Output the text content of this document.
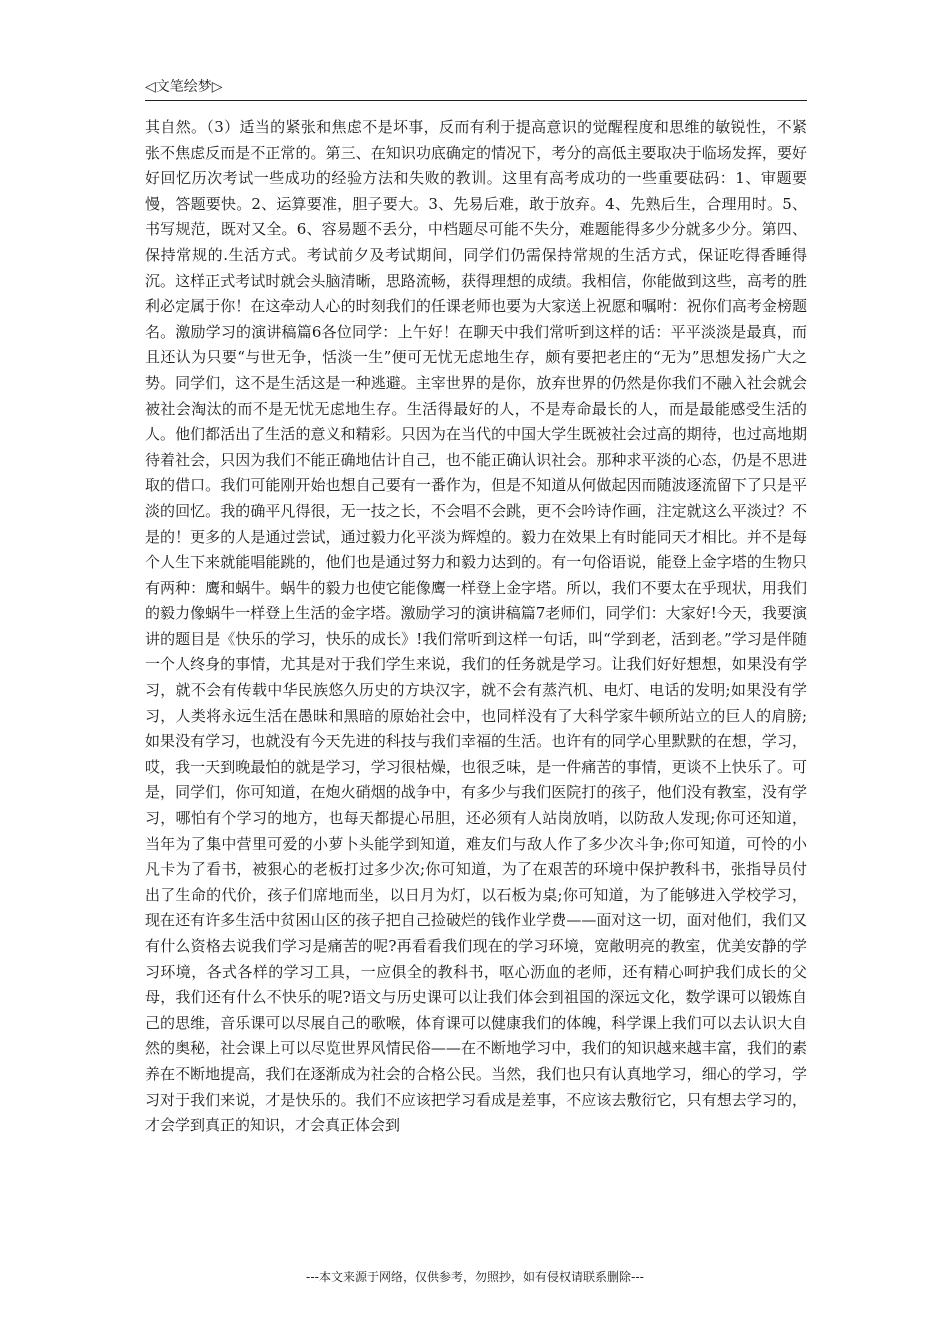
◁文笔绘梦▷

其自然。（3）适当的紧张和焦虑不是坏事，反而有利于提高意识的觉醒程度和思维的敏锐性，不紧张不焦虑反而是不正常的。第三、在知识功底确定的情况下，考分的高低主要取决于临场发挥，要好好回忆历次考试一些成功的经验方法和失败的教训。这里有高考成功的一些重要砝码：1、审题要慢，答题要快。2、运算要准，胆子要大。3、先易后难，敢于放弃。4、先熟后生，合理用时。5、书写规范，既对又全。6、容易题不丢分，中档题尽可能不失分，难题能得多少分就多少分。第四、保持常规的.生活方式。考试前夕及考试期间，同学们仍需保持常规的生活方式，保证吃得香睡得沉。这样正式考试时就会头脑清晰，思路流畅，获得理想的成绩。我相信，你能做到这些，高考的胜利必定属于你！在这牵动人心的时刻我们的任课老师也要为大家送上祝愿和嘱咐：祝你们高考金榜题名。激励学习的演讲稿篇6各位同学：上午好！在聊天中我们常听到这样的话：平平淡淡是最真，而且还认为只要“与世无争，恬淡一生”便可无忧无虑地生存，颇有要把老庄的“无为”思想发扬广大之势。同学们，这不是生活这是一种逃避。主宰世界的是你，放弃世界的仍然是你我们不融入社会就会被社会淘汰的而不是无忧无虑地生存。生活得最好的人，不是寿命最长的人，而是最能感受生活的人。他们都活出了生活的意义和精彩。只因为在当代的中国大学生既被社会过高的期待，也过高地期待着社会，只因为我们不能正确地估计自己，也不能正确认识社会。那种求平淡的心态，仍是不思进取的借口。我们可能刚开始也想自己要有一番作为，但是不知道从何做起因而随波逐流留下了只是平淡的回忆。我的确平凡得很，无一技之长，不会唱不会跳，更不会吟诗作画，注定就这么平淡过？不是的！更多的人是通过尝试，通过毅力化平淡为辉煌的。毅力在效果上有时能同天才相比。并不是每个人生下来就能唱能跳的，他们也是通过努力和毅力达到的。有一句俗语说，能登上金字塔的生物只有两种：鹰和蜗牛。蜗牛的毅力也使它能像鹰一样登上金字塔。所以，我们不要太在乎现状，用我们的毅力像蜗牛一样登上生活的金字塔。激励学习的演讲稿篇7老师们，同学们：大家好!今天，我要演讲的题目是《快乐的学习，快乐的成长》!我们常听到这样一句话，叫“学到老，活到老。”学习是伴随一个人终身的事情，尤其是对于我们学生来说，我们的任务就是学习。让我们好好想想，如果没有学习，就不会有传载中华民族悠久历史的方块汉字，就不会有蒸汽机、电灯、电话的发明;如果没有学习，人类将永远生活在愚昧和黑暗的原始社会中，也同样没有了大科学家牛顿所站立的巨人的肩膀;如果没有学习，也就没有今天先进的科技与我们幸福的生活。也许有的同学心里默默的在想，学习，哎，我一天到晚最怕的就是学习，学习很枯燥，也很乏味，是一件痛苦的事情，更谈不上快乐了。可是，同学们，你可知道，在炮火硝烟的战争中，有多少与我们医院打的孩子，他们没有教室，没有学习，哪怕有个学习的地方，也每天都提心吊胆，还必须有人站岗放哨，以防敌人发现;你可还知道，当年为了集中营里可爱的小萝卜头能学到知道，难友们与敌人作了多少次斗争;你可知道，可怜的小凡卡为了看书，被狠心的老板打过多少次;你可知道，为了在艰苦的环境中保护教科书，张指导员付出了生命的代价，孩子们席地而坐，以日月为灯，以石板为桌;你可知道，为了能够进入学校学习，现在还有许多生活中贫困山区的孩子把自己捡破烂的钱作业学费——面对这一切，面对他们，我们又有什么资格去说我们学习是痛苦的呢?再看看我们现在的学习环境，宽敞明亮的教室，优美安静的学习环境，各式各样的学习工具，一应俱全的教科书，呕心沥血的老师，还有精心呵护我们成长的父母，我们还有什么不快乐的呢?语文与历史课可以让我们体会到祖国的深远文化，数学课可以锻炼自己的思维，音乐课可以尽展自己的歌喉，体育课可以健康我们的体魄，科学课上我们可以去认识大自然的奥秘，社会课上可以尽览世界风情民俗——在不断地学习中，我们的知识越来越丰富，我们的素养在不断地提高，我们在逐渐成为社会的合格公民。当然，我们也只有认真地学习，细心的学习，学习对于我们来说，才是快乐的。我们不应该把学习看成是差事，不应该去敷衍它，只有想去学习的，才会学到真正的知识，才会真正体会到

---本文来源于网络，仅供参考，勿照抄，如有侵权请联系删除---
